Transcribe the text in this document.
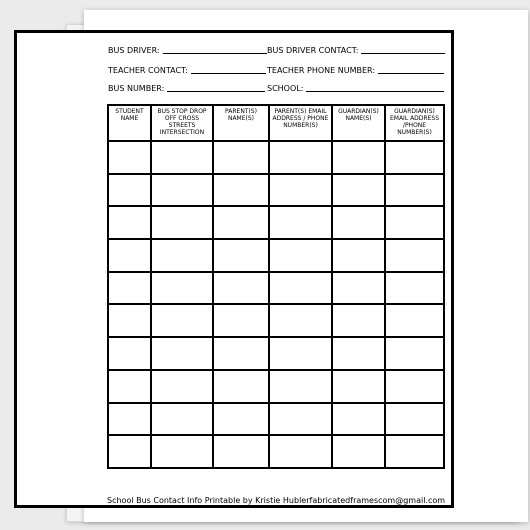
BUS DRIVER:	BUS DRIVER CONTACT:
TEACHER CONTACT:	TEACHER PHONE NUMBER:
BUS NUMBER:	SCHOOL:
STUDENT NAME	BUS STOP DROP OFF CROSS STREETS INTERSECTION	PARENT(S) NAME(S)	PARENT(S) EMAIL ADDRESS / PHONE NUMBER(S)	GUARDIAN(S) NAME(S)	GUARDIAN(S) EMAIL ADDRESS /PHONE NUMBER(S)

School Bus Contact Info Printable by Kristie Hubler fabricatedframescom@gmail.com
